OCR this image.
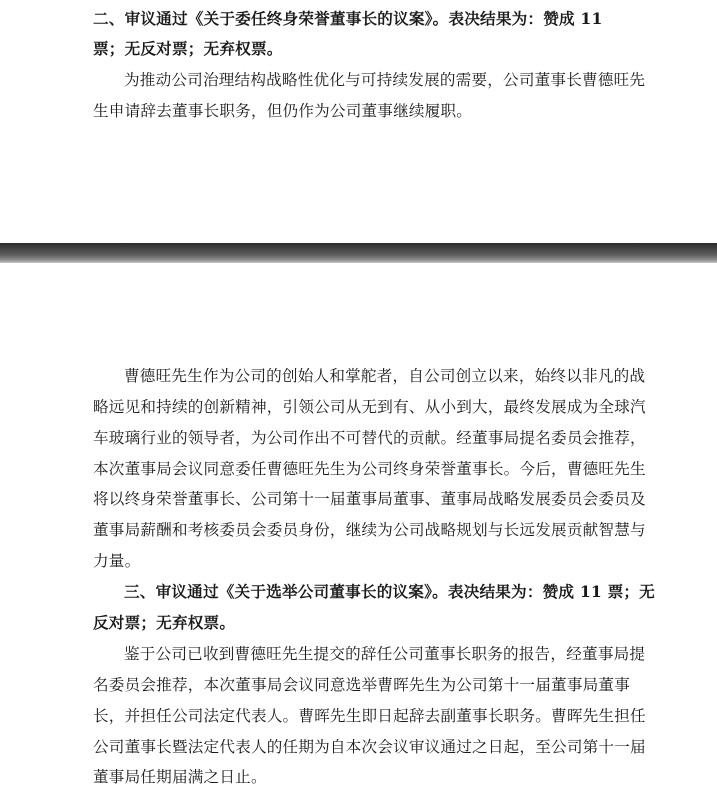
二、审议通过《关于委任终身荣誉董事长的议案》。表决结果为：赞成 11
票；无反对票；无弃权票。
为推动公司治理结构战略性优化与可持续发展的需要，公司董事长曹德旺先
生申请辞去董事长职务，但仍作为公司董事继续履职。
曹德旺先生作为公司的创始人和掌舵者，自公司创立以来，始终以非凡的战
略远见和持续的创新精神，引领公司从无到有、从小到大，最终发展成为全球汽
车玻璃行业的领导者，为公司作出不可替代的贡献。经董事局提名委员会推荐，
本次董事局会议同意委任曹德旺先生为公司终身荣誉董事长。今后，曹德旺先生
将以终身荣誉董事长、公司第十一届董事局董事、董事局战略发展委员会委员及
董事局薪酬和考核委员会委员身份，继续为公司战略规划与长远发展贡献智慧与
力量。
三、审议通过《关于选举公司董事长的议案》。表决结果为：赞成 11 票；无
反对票；无弃权票。
鉴于公司已收到曹德旺先生提交的辞任公司董事长职务的报告，经董事局提
名委员会推荐，本次董事局会议同意选举曹晖先生为公司第十一届董事局董事
长，并担任公司法定代表人。曹晖先生即日起辞去副董事长职务。曹晖先生担任
公司董事长暨法定代表人的任期为自本次会议审议通过之日起，至公司第十一届
董事局任期届满之日止。
